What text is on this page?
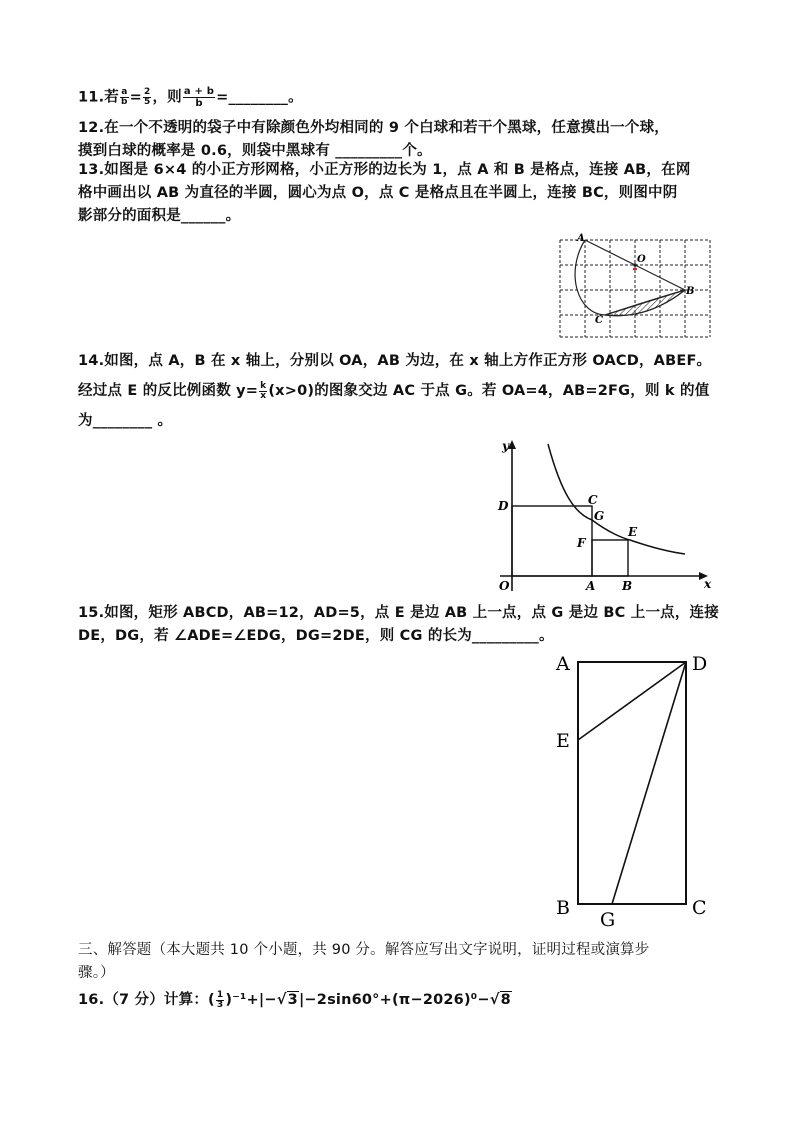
11.若 $\frac{a}{b} = \frac{2}{5}$ ，则 $\frac{a + b}{b}$ =________。
12.在一个不透明的袋子中有除颜色外均相同的 9 个白球和若干个黑球，任意摸出一个球，
摸到白球的概率是 0.6，则袋中黑球有 _________个。
13.如图是 6×4 的小正方形网格，小正方形的边长为 1，点 A 和 B 是格点，连接 AB，在网
格中画出以 AB 为直径的半圆，圆心为点 O，点 C 是格点且在半圆上，连接 BC，则图中阴
影部分的面积是______。
A
O
B
C
14.如图，点 A，B 在 x 轴上，分别以 OA，AB 为边，在 x 轴上方作正方形 OACD，ABEF。
经过点 E 的反比例函数 $y= \frac{k}{x} (x>0)$的图象交边 AC 于点 G。若 OA=4，AB=2FG，则 k 的值
为________ 。
y
x
O
D	C
G
E
F
A B
15.如图，矩形 ABCD，AB=12，AD=5，点 E 是边 AB 上一点，点 G 是边 BC 上一点，连接
DE，DG，若 ∠ADE=∠EDG，DG=2DE，则 CG 的长为_________。
A	D
E
B
G
C
三、解答题（本大题共 10 个小题，共 90 分。解答应写出文字说明，证明过程或演算步
骤。）
16.（7 分）计算：( $\frac{1}{3} )^{-1}+|-√3|-2\sin 60^\circ+(\pi-2026)^0-√8$
